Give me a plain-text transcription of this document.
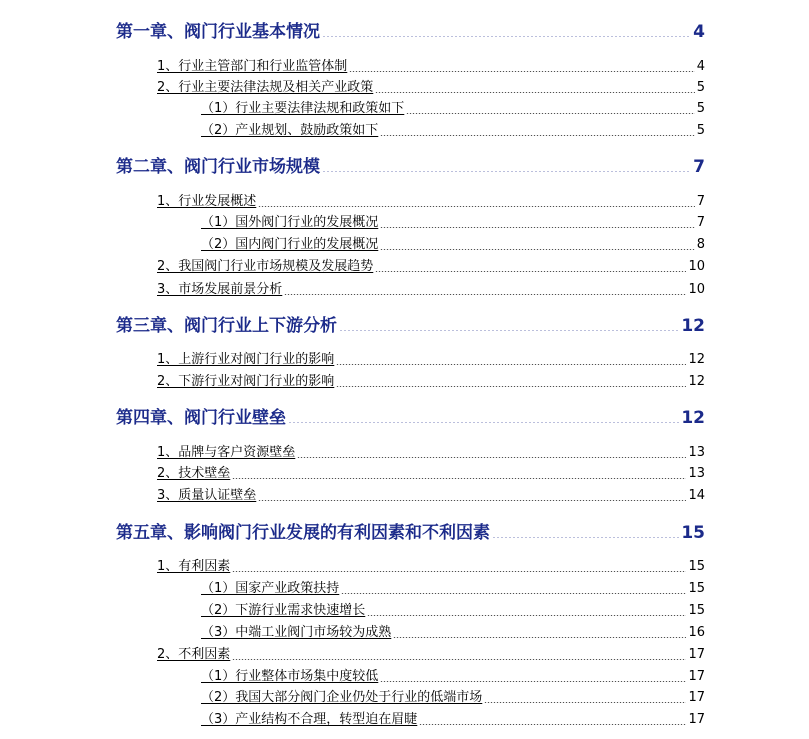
第一章、阀门行业基本情况	4
1、行业主管部门和行业监管体制	4
2、行业主要法律法规及相关产业政策	5
（1）行业主要法律法规和政策如下	5
（2）产业规划、鼓励政策如下	5
第二章、阀门行业市场规模	7
1、行业发展概述	7
（1）国外阀门行业的发展概况	7
（2）国内阀门行业的发展概况	8
2、我国阀门行业市场规模及发展趋势	10
3、市场发展前景分析	10
第三章、阀门行业上下游分析	12
1、上游行业对阀门行业的影响	12
2、下游行业对阀门行业的影响	12
第四章、阀门行业壁垒	12
1、品牌与客户资源壁垒	13
2、技术壁垒	13
3、质量认证壁垒	14
第五章、影响阀门行业发展的有利因素和不利因素	15
1、有利因素	15
（1）国家产业政策扶持	15
（2）下游行业需求快速增长	15
（3）中端工业阀门市场较为成熟	16
2、不利因素	17
（1）行业整体市场集中度较低	17
（2）我国大部分阀门企业仍处于行业的低端市场	17
（3）产业结构不合理，转型迫在眉睫	17
